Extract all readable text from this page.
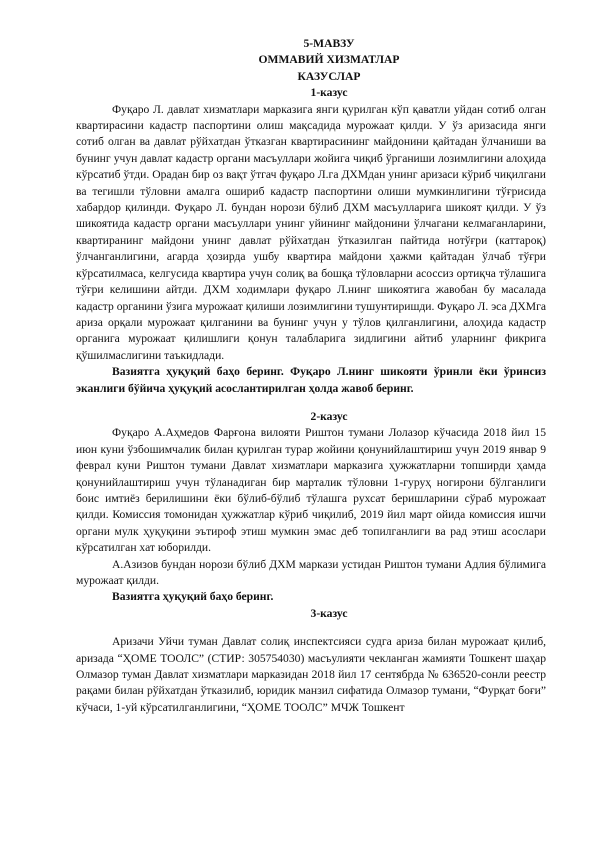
5-МАВЗУ

ОММАВИЙ ХИЗМАТЛАР

КАЗУСЛАР

1-казус

Фуқаро Л. давлат хизматлари марказига янги қурилган кўп қаватли уйдан сотиб олган квартирасини кадастр паспортини олиш мақсадида мурожаат қилди. У ўз аризасида янги сотиб олган ва давлат рўйхатдан ўтказган квартирасининг майдонини қайтадан ўлчаниши ва бунинг учун давлат кадастр органи масъуллари жойига чиқиб ўрганиши лозимлигини алоҳида кўрсатиб ўтди. Орадан бир оз вақт ўтгач фуқаро Л.га ДХМдан унинг аризаси кўриб чиқилгани ва тегишли тўловни амалга ошириб кадастр паспортини олиши мумкинлигини тўғрисида хабардор қилинди. Фуқаро Л. бундан норози бўлиб ДХМ масъулларига шикоят қилди. У ўз шикоятида кадастр органи масъуллари унинг уйининг майдонини ўлчагани келмаганларини, квартиранинг майдони унинг давлат рўйхатдан ўтказилган пайтида нотўғри (каттароқ) ўлчанганлигини, агарда ҳозирда ушбу квартира майдони ҳажми қайтадан ўлчаб тўғри кўрсатилмаса, келгусида квартира учун солиқ ва бошқа тўловларни асоссиз ортиқча тўлашига тўғри келишини айтди. ДХМ ходимлари фуқаро Л.нинг шикоятига жавобан бу масалада кадастр органини ўзига мурожаат қилиши лозимлигини тушунтиришди. Фуқаро Л. эса ДХМга ариза орқали мурожаат қилганини ва бунинг учун у тўлов қилганлигини, алоҳида кадастр органига мурожаат қилишлиги қонун талабларига зидлигини айтиб уларнинг фикрига қўшилмаслигини таъкидлади.

Вазиятга ҳуқуқий баҳо беринг. Фуқаро Л.нинг шикояти ўринли ёки ўринсиз эканлиги бўйича ҳуқуқий асослантирилган ҳолда жавоб беринг.

2-казус

Фуқаро А.Аҳмедов Фарғона вилояти Риштон тумани Лолазор кўчасида 2018 йил 15 июн куни ўзбошимчалик билан қурилган турар жойини қонунийлаштириш учун 2019 январ 9 феврал куни Риштон тумани Давлат хизматлари марказига ҳужжатларни топширди ҳамда қонунийлаштириш учун тўланадиган бир марталик тўловни 1-гуруҳ ногирони бўлганлиги боис имтиёз берилишини ёки бўлиб-бўлиб тўлашга рухсат беришларини сўраб мурожаат қилди. Комиссия томонидан ҳужжатлар кўриб чиқилиб, 2019 йил март ойида комиссия ишчи органи мулк ҳуқуқини эътироф этиш мумкин эмас деб топилганлиги ва рад этиш асослари кўрсатилган хат юборилди.

А.Азизов бундан норози бўлиб ДХМ маркази устидан Риштон тумани Адлия бўлимига мурожаат қилди.

Вазиятга ҳуқуқий баҳо беринг.

3-казус

Аризачи Уйчи туман Давлат солиқ инспектсияси судга ариза билан мурожаат қилиб, аризада “ҲОМЕ ТООЛС” (СТИР: 305754030) масъулияти чекланган жамияти Тошкент шаҳар Олмазор туман Давлат хизматлари марказидан 2018 йил 17 сентябрда № 636520-сонли реестр рақами билан рўйхатдан ўтказилиб, юридик манзил сифатида Олмазор тумани, “Фурқат боғи” кўчаси, 1-уй кўрсатилганлигини, “ҲОМЕ ТООЛС” МЧЖ Тошкент
